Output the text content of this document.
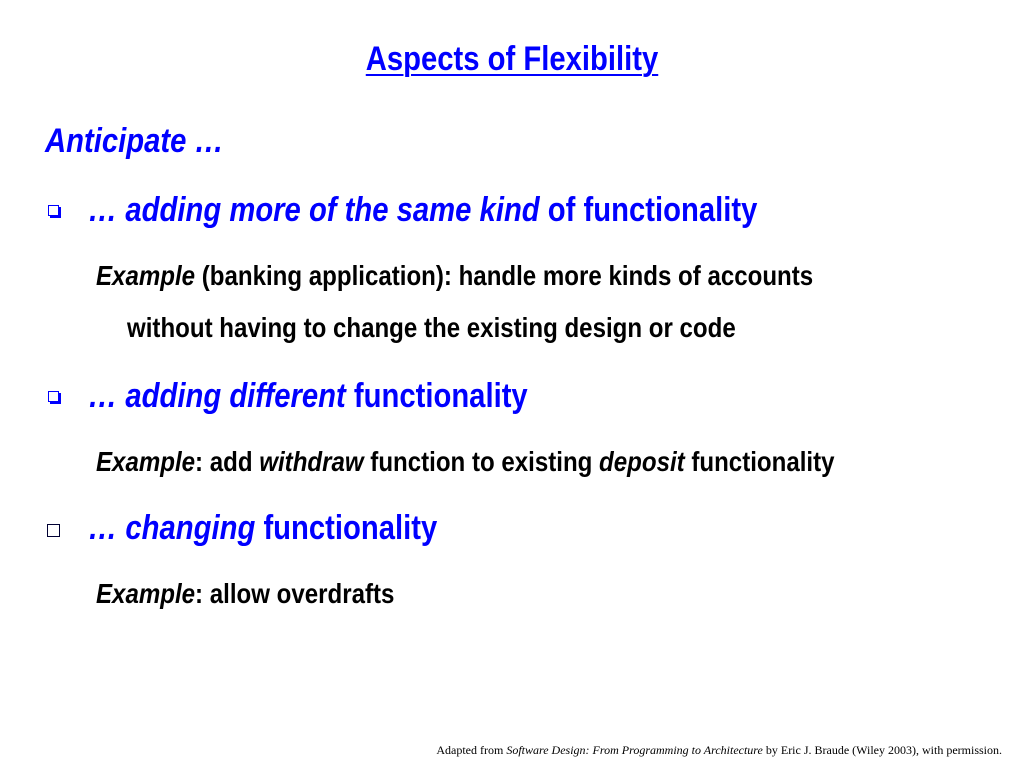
Aspects of Flexibility
Anticipate …
… adding more of the same kind of functionality
Example (banking application): handle more kinds of accounts
without having to change the existing design or code
… adding different functionality
Example: add withdraw function to existing deposit functionality
… changing functionality
Example: allow overdrafts
Adapted from Software Design: From Programming to Architecture by Eric J. Braude (Wiley 2003), with permission.
